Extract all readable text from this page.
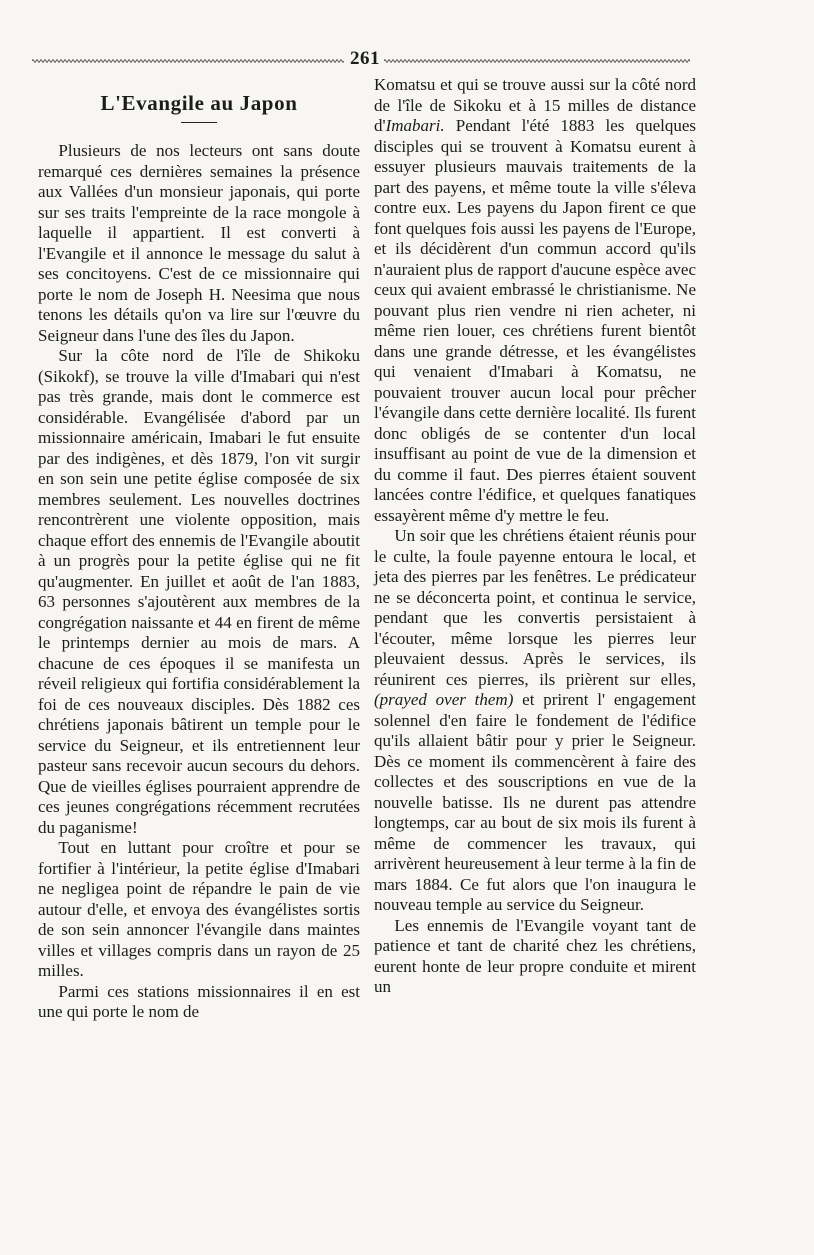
261
L'Evangile au Japon

Plusieurs de nos lecteurs ont sans doute remarqué ces dernières semaines la présence aux Vallées d'un monsieur japonais, qui porte sur ses traits l'empreinte de la race mongole à laquelle il appartient. Il est converti à l'Evangile et il annonce le message du salut à ses concitoyens. C'est de ce missionnaire qui porte le nom de Joseph H. Neesima que nous tenons les détails qu'on va lire sur l'œuvre du Seigneur dans l'une des îles du Japon.

Sur la côte nord de l'île de Shikoku (Sikokf), se trouve la ville d'Imabari qui n'est pas très grande, mais dont le commerce est considérable. Evangélisée d'abord par un missionnaire américain, Imabari le fut ensuite par des indigènes, et dès 1879, l'on vit surgir en son sein une petite église composée de six membres seulement. Les nouvelles doctrines rencontrèrent une violente opposition, mais chaque effort des ennemis de l'Evangile aboutit à un progrès pour la petite église qui ne fit qu'augmenter. En juillet et août de l'an 1883, 63 personnes s'ajoutèrent aux membres de la congrégation naissante et 44 en firent de même le printemps dernier au mois de mars. A chacune de ces époques il se manifesta un réveil religieux qui fortifia considérablement la foi de ces nouveaux disciples. Dès 1882 ces chrétiens japonais bâtirent un temple pour le service du Seigneur, et ils entretiennent leur pasteur sans recevoir aucun secours du dehors. Que de vieilles églises pourraient apprendre de ces jeunes congrégations récemment recrutées du paganisme!

Tout en luttant pour croître et pour se fortifier à l'intérieur, la petite église d'Imabari ne negligea point de répandre le pain de vie autour d'elle, et envoya des évangélistes sortis de son sein annoncer l'évangile dans maintes villes et villages compris dans un rayon de 25 milles.

Parmi ces stations missionnaires il en est une qui porte le nom de

Komatsu et qui se trouve aussi sur la côté nord de l'île de Sikoku et à 15 milles de distance d'Imabari. Pendant l'été 1883 les quelques disciples qui se trouvent à Komatsu eurent à essuyer plusieurs mauvais traitements de la part des payens, et même toute la ville s'éleva contre eux. Les payens du Japon firent ce que font quelques fois aussi les payens de l'Europe, et ils décidèrent d'un commun accord qu'ils n'auraient plus de rapport d'aucune espèce avec ceux qui avaient embrassé le christianisme. Ne pouvant plus rien vendre ni rien acheter, ni même rien louer, ces chrétiens furent bientôt dans une grande détresse, et les évangélistes qui venaient d'Imabari à Komatsu, ne pouvaient trouver aucun local pour prêcher l'évangile dans cette dernière localité. Ils furent donc obligés de se contenter d'un local insuffisant au point de vue de la dimension et du comme il faut. Des pierres étaient souvent lancées contre l'édifice, et quelques fanatiques essayèrent même d'y mettre le feu.

Un soir que les chrétiens étaient réunis pour le culte, la foule payenne entoura le local, et jeta des pierres par les fenêtres. Le prédicateur ne se déconcerta point, et continua le service, pendant que les convertis persistaient à l'écouter, même lorsque les pierres leur pleuvaient dessus. Après le services, ils réunirent ces pierres, ils prièrent sur elles, (prayed over them) et prirent l' engagement solennel d'en faire le fondement de l'édifice qu'ils allaient bâtir pour y prier le Seigneur. Dès ce moment ils commencèrent à faire des collectes et des souscriptions en vue de la nouvelle batisse. Ils ne durent pas attendre longtemps, car au bout de six mois ils furent à même de commencer les travaux, qui arrivèrent heureusement à leur terme à la fin de mars 1884. Ce fut alors que l'on inaugura le nouveau temple au service du Seigneur.

Les ennemis de l'Evangile voyant tant de patience et tant de charité chez les chrétiens, eurent honte de leur propre conduite et mirent un
